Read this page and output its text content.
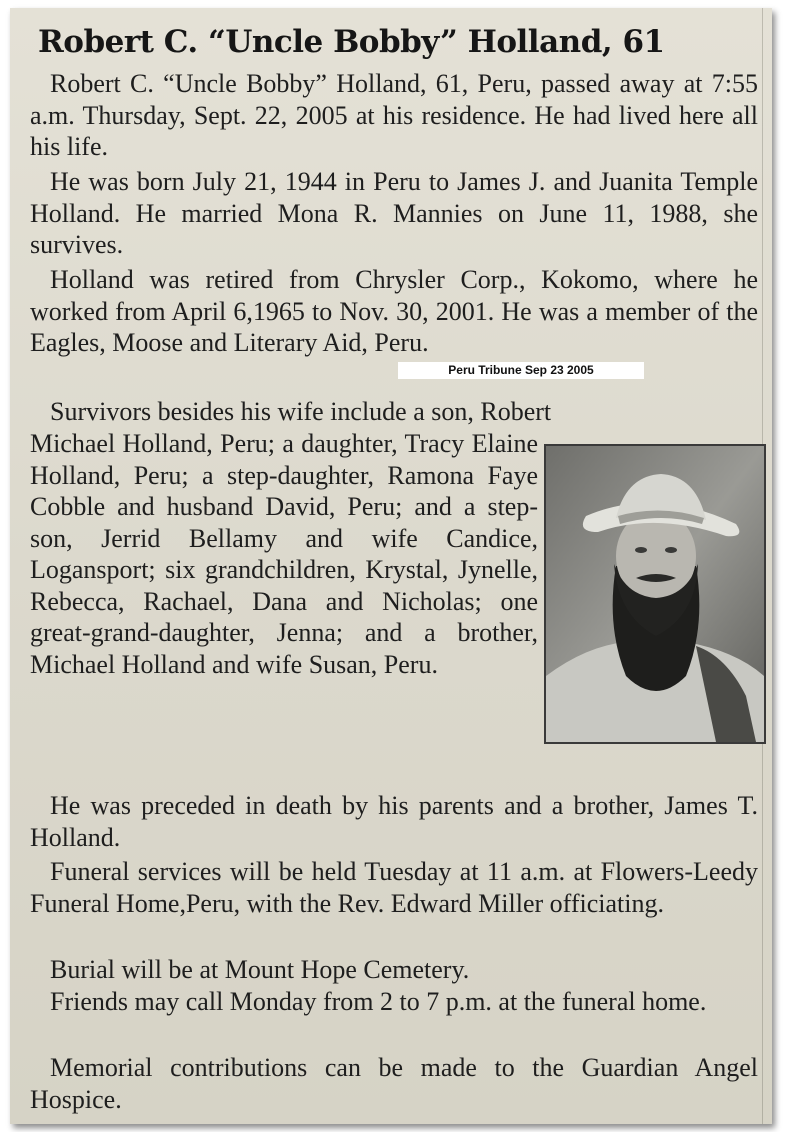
Robert C. “Uncle Bobby” Holland, 61

Robert C. “Uncle Bobby” Holland, 61, Peru, passed away at 7:55 a.m. Thursday, Sept. 22, 2005 at his residence. He had lived here all his life.

He was born July 21, 1944 in Peru to James J. and Juanita Temple Holland. He married Mona R. Mannies on June 11, 1988, she survives.

Holland was retired from Chrysler Corp., Kokomo, where he worked from April 6,1965 to Nov. 30, 2001. He was a member of the Eagles, Moose and Literary Aid, Peru.

Peru Tribune Sep 23 2005

Survivors besides his wife include a son, Robert

Michael Holland, Peru; a daughter, Tracy Elaine Holland, Peru; a step-daughter, Ramona Faye Cobble and husband David, Peru; and a step-son, Jerrid Bellamy and wife Candice, Logansport; six grandchildren, Krystal, Jynelle, Rebecca, Rachael, Dana and Nicholas; one great-grand-daughter, Jenna; and a brother, Michael Holland and wife Susan, Peru.

He was preceded in death by his parents and a brother, James T. Holland.

Funeral services will be held Tuesday at 11 a.m. at Flowers-Leedy Funeral Home,Peru, with the Rev. Edward Miller officiating.

Burial will be at Mount Hope Cemetery.

Friends may call Monday from 2 to 7 p.m. at the funeral home.

Memorial contributions can be made to the Guardian Angel Hospice.
